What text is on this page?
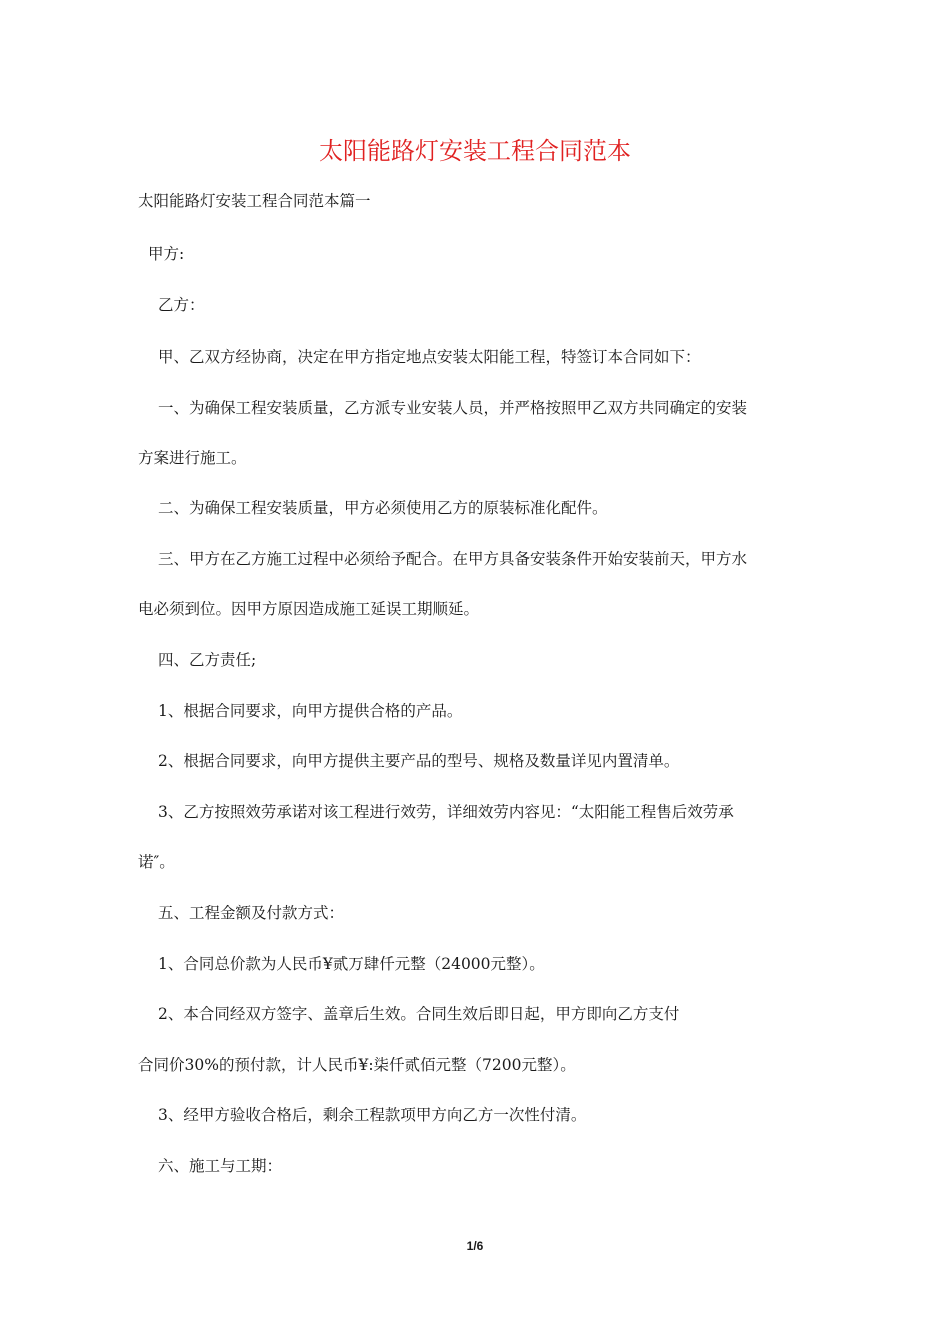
太阳能路灯安装工程合同范本
太阳能路灯安装工程合同范本篇一
甲方:
乙方：
甲、乙双方经协商，决定在甲方指定地点安装太阳能工程，特签订本合同如下：
一、为确保工程安装质量，乙方派专业安装人员，并严格按照甲乙双方共同确定的安装
方案进行施工。
二、为确保工程安装质量，甲方必须使用乙方的原装标准化配件。
三、甲方在乙方施工过程中必须给予配合。在甲方具备安装条件开始安装前天，甲方水
电必须到位。因甲方原因造成施工延误工期顺延。
四、乙方责任;
1、根据合同要求，向甲方提供合格的产品。
2、根据合同要求，向甲方提供主要产品的型号、规格及数量详见内置清单。
3、乙方按照效劳承诺对该工程进行效劳，详细效劳内容见：“太阳能工程售后效劳承
诺″。
五、工程金额及付款方式：
1、合同总价款为人民币¥贰万肆仟元整（24000元整）。
2、本合同经双方签字、盖章后生效。合同生效后即日起，甲方即向乙方支付
合同价30%的预付款，计人民币¥:柒仟贰佰元整（7200元整）。
3、经甲方验收合格后，剩余工程款项甲方向乙方一次性付清。
六、施工与工期：
1/6
